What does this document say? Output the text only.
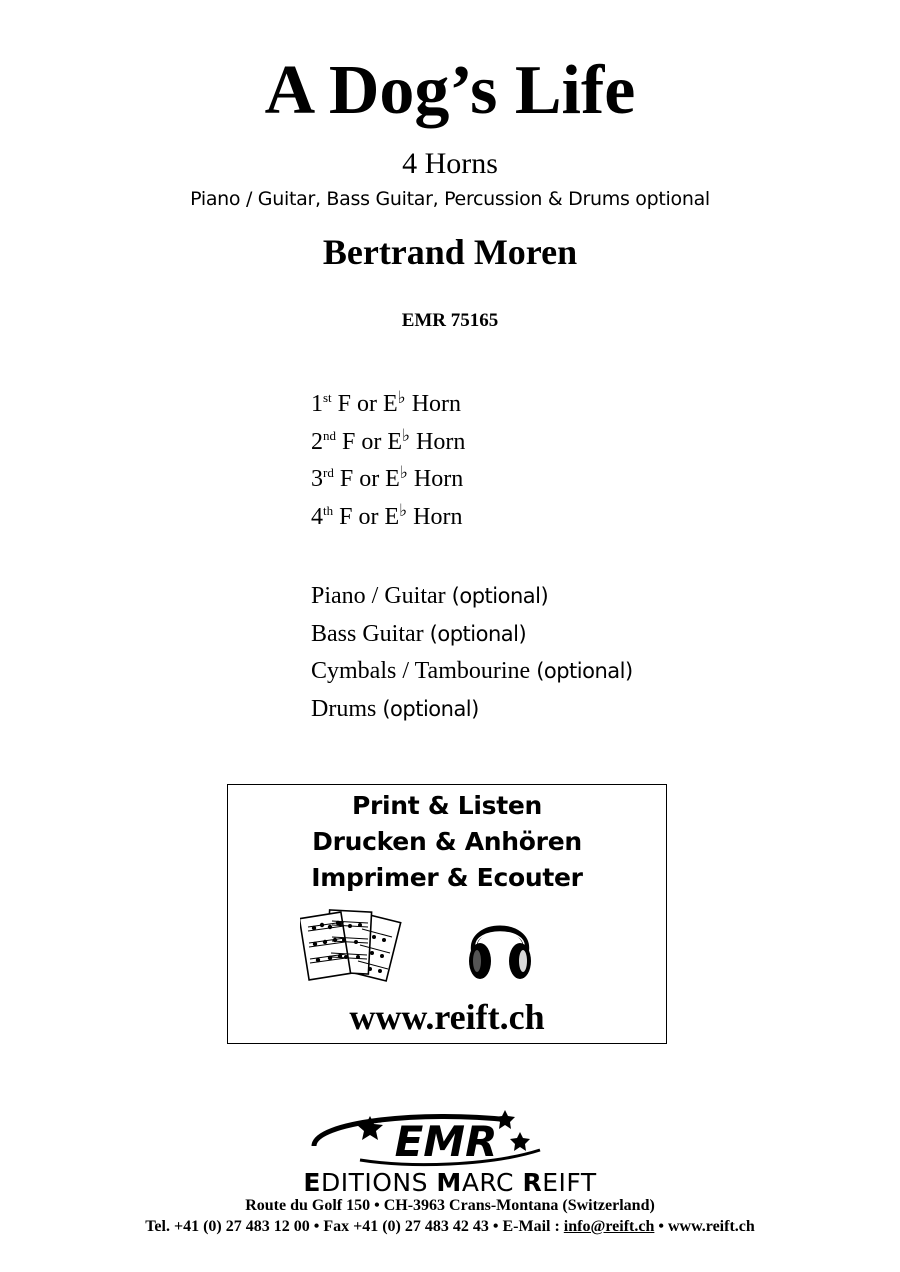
A Dog’s Life
4 Horns
Piano / Guitar, Bass Guitar, Percussion & Drums optional
Bertrand Moren
EMR 75165
1st F or E♭ Horn
2nd F or E♭ Horn
3rd F or E♭ Horn
4th F or E♭ Horn
Piano / Guitar (optional)
Bass Guitar (optional)
Cymbals / Tambourine (optional)
Drums (optional)
Print & Listen
Drucken & Anhören
Imprimer & Ecouter
www.reift.ch
EMR
EDITIONS MARC REIFT
Route du Golf 150 • CH-3963 Crans-Montana (Switzerland)
Tel. +41 (0) 27 483 12 00 • Fax +41 (0) 27 483 42 43 • E-Mail : info@reift.ch • www.reift.ch
